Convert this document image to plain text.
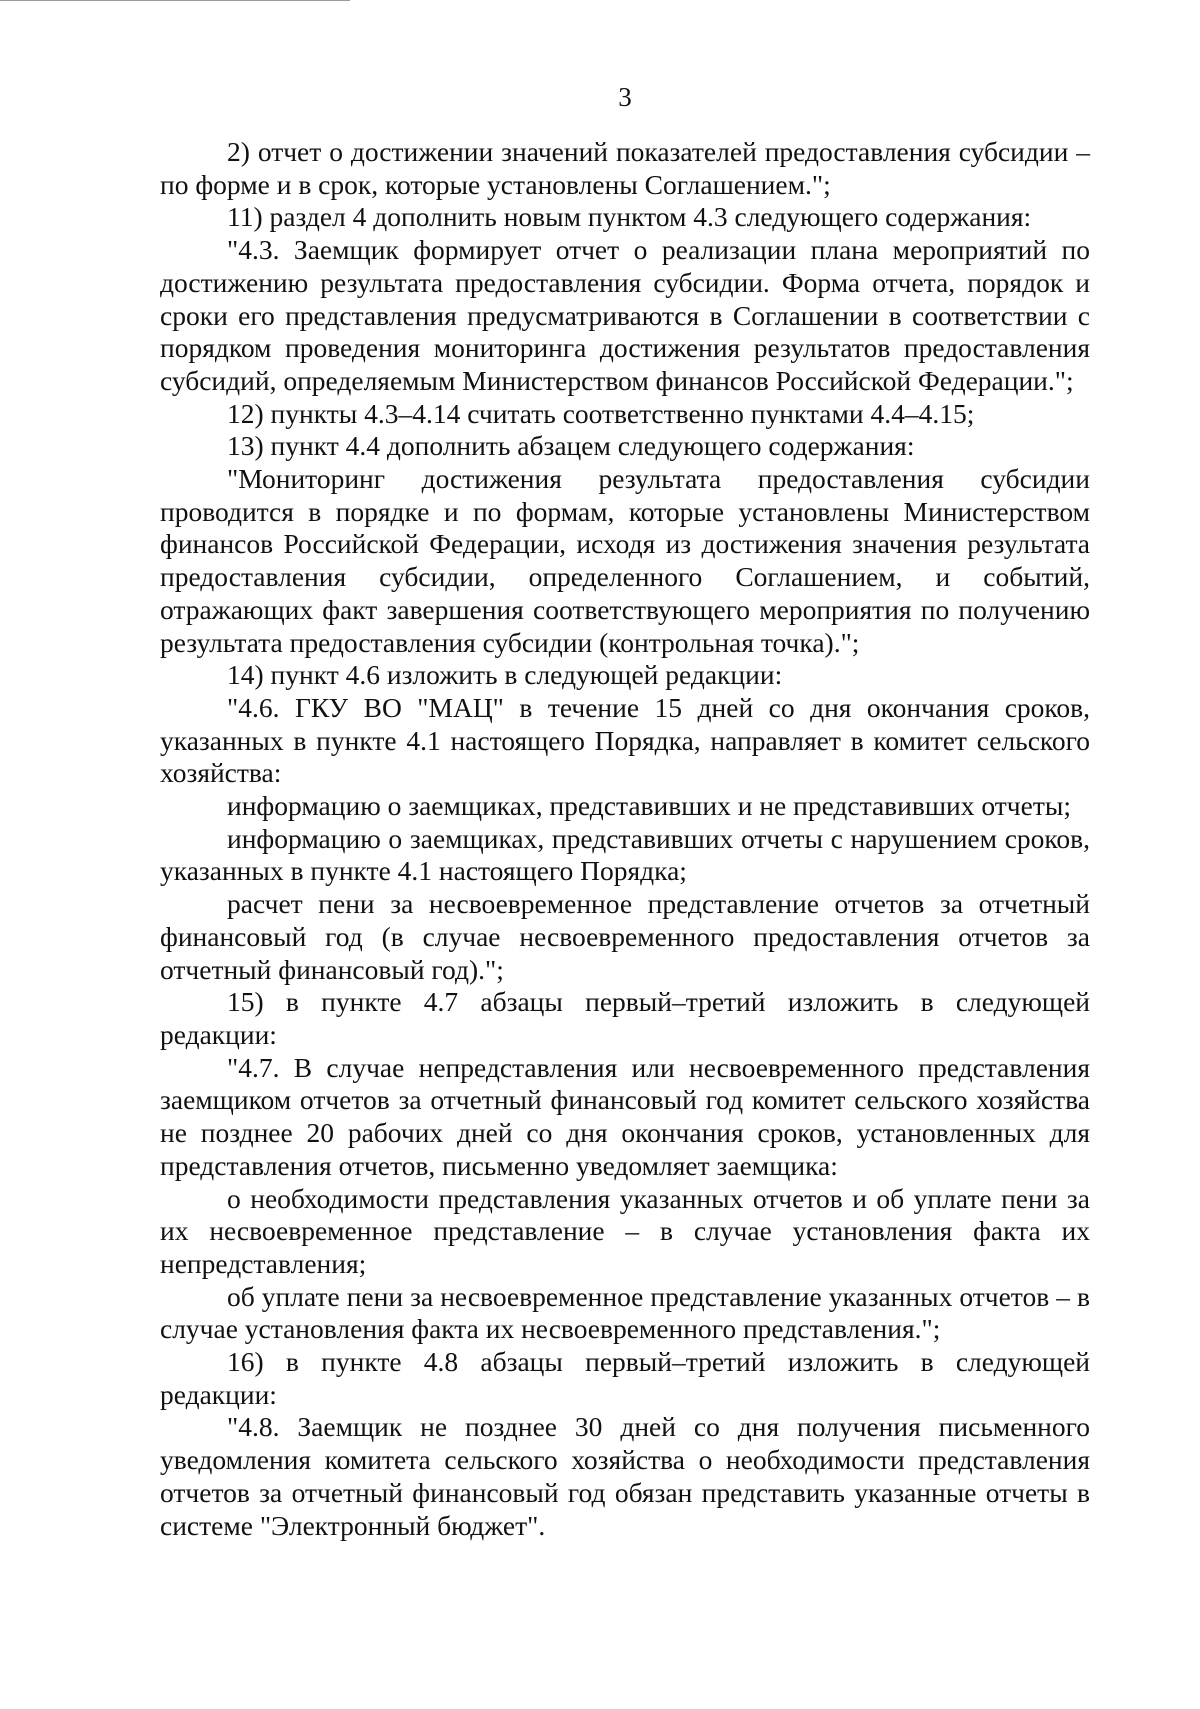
3

2) отчет о достижении значений показателей предоставления субсидии – по форме и в срок, которые установлены Соглашением.";

11) раздел 4 дополнить новым пунктом 4.3 следующего содержания:

"4.3. Заемщик формирует отчет о реализации плана мероприятий по достижению результата предоставления субсидии. Форма отчета, порядок и сроки его представления предусматриваются в Соглашении в соответствии с порядком проведения мониторинга достижения результатов предоставления субсидий, определяемым Министерством финансов Российской Федерации.";

12) пункты 4.3–4.14 считать соответственно пунктами 4.4–4.15;

13) пункт 4.4 дополнить абзацем следующего содержания:

"Мониторинг достижения результата предоставления субсидии проводится в порядке и по формам, которые установлены Министерством финансов Российской Федерации, исходя из достижения значения результата предоставления субсидии, определенного Соглашением, и событий, отражающих факт завершения соответствующего мероприятия по получению результата предоставления субсидии (контрольная точка).";

14) пункт 4.6 изложить в следующей редакции:

"4.6. ГКУ ВО "МАЦ" в течение 15 дней со дня окончания сроков, указанных в пункте 4.1 настоящего Порядка, направляет в комитет сельского хозяйства:

информацию о заемщиках, представивших и не представивших отчеты;

информацию о заемщиках, представивших отчеты с нарушением сроков, указанных в пункте 4.1 настоящего Порядка;

расчет пени за несвоевременное представление отчетов за отчетный финансовый год (в случае несвоевременного предоставления отчетов за отчетный финансовый год).";

15) в пункте 4.7 абзацы первый–третий изложить в следующей редакции:

"4.7. В случае непредставления или несвоевременного представления заемщиком отчетов за отчетный финансовый год комитет сельского хозяйства не позднее 20 рабочих дней со дня окончания сроков, установленных для представления отчетов, письменно уведомляет заемщика:

о необходимости представления указанных отчетов и об уплате пени за их несвоевременное представление – в случае установления факта их непредставления;

об уплате пени за несвоевременное представление указанных отчетов – в случае установления факта их несвоевременного представления.";

16) в пункте 4.8 абзацы первый–третий изложить в следующей редакции:

"4.8. Заемщик не позднее 30 дней со дня получения письменного уведомления комитета сельского хозяйства о необходимости представления отчетов за отчетный финансовый год обязан представить указанные отчеты в системе "Электронный бюджет".
